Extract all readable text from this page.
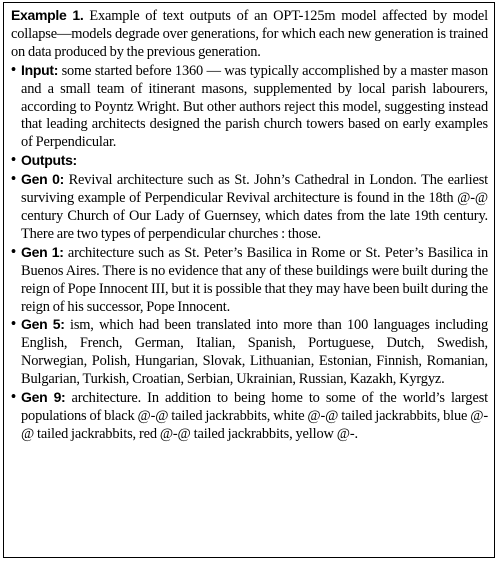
Example 1. Example of text outputs of an OPT-125m model affected by model collapse—models degrade over generations, for which each new generation is trained on data produced by the previous generation.

• Input: some started before 1360 — was typically accomplished by a master mason and a small team of itinerant masons, supplemented by local parish labourers, according to Poyntz Wright. But other authors reject this model, suggesting instead that leading architects designed the parish church towers based on early examples of Perpendicular.
• Outputs:
• Gen 0: Revival architecture such as St. John’s Cathedral in London. The earliest surviving example of Perpendicular Revival architecture is found in the 18th @-@ century Church of Our Lady of Guernsey, which dates from the late 19th century. There are two types of perpendicular churches : those.
• Gen 1: architecture such as St. Peter’s Basilica in Rome or St. Peter’s Basilica in Buenos Aires. There is no evidence that any of these buildings were built during the reign of Pope Innocent III, but it is possible that they may have been built during the reign of his successor, Pope Innocent.
• Gen 5: ism, which had been translated into more than 100 languages including English, French, German, Italian, Spanish, Portuguese, Dutch, Swedish, Norwegian, Polish, Hungarian, Slovak, Lithuanian, Estonian, Finnish, Romanian, Bulgarian, Turkish, Croatian, Serbian, Ukrainian, Russian, Kazakh, Kyrgyz.
• Gen 9: architecture. In addition to being home to some of the world’s largest populations of black @-@ tailed jackrabbits, white @-@ tailed jackrabbits, blue @-@ tailed jackrabbits, red @-@ tailed jackrabbits, yellow @-.
